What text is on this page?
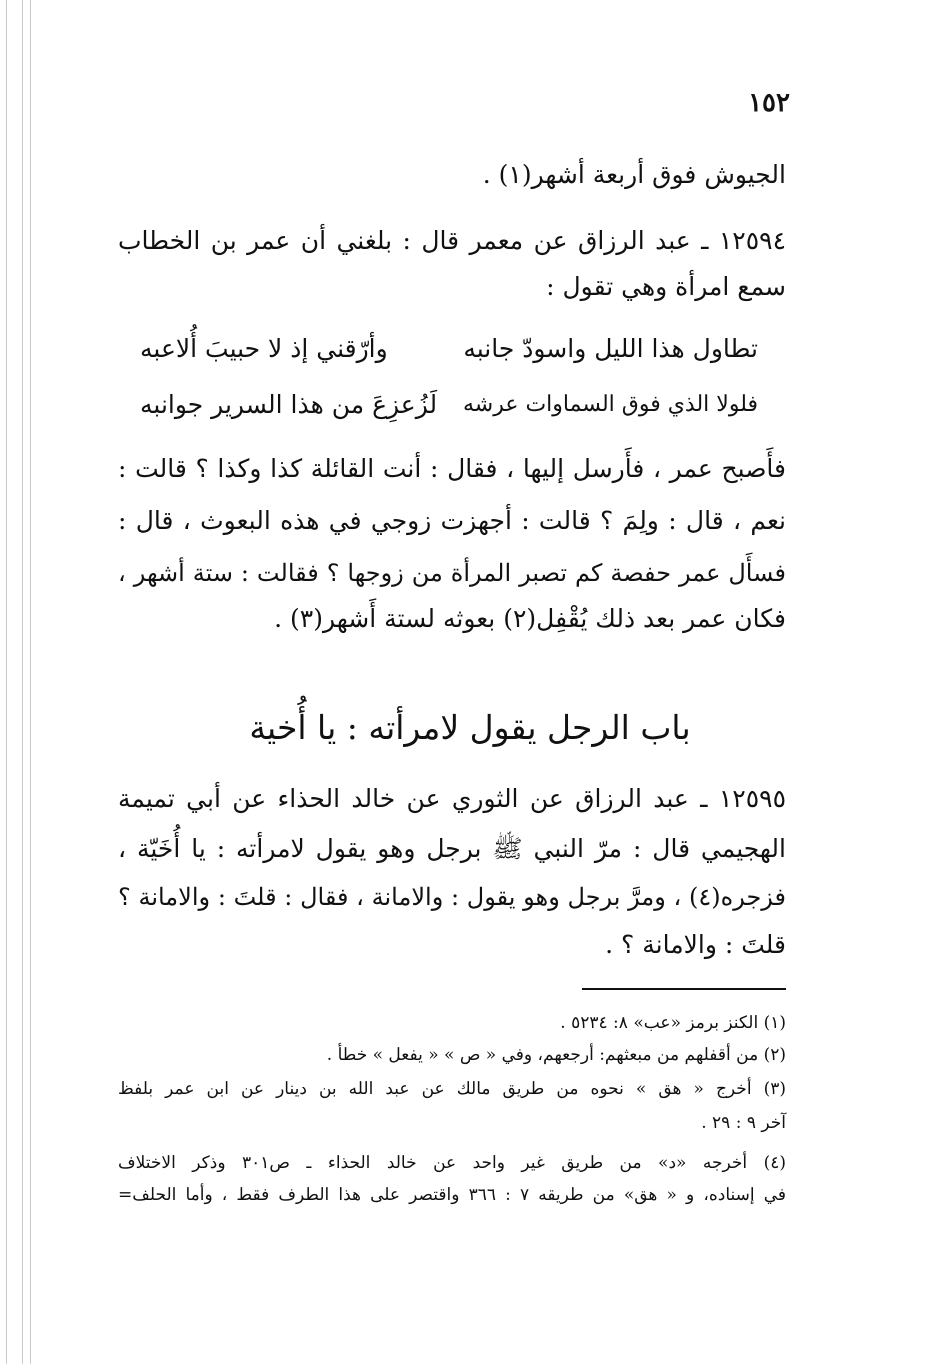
١٥٢
الجيوش فوق أربعة أشهر(١) .
١٢٥٩٤ ـ عبد الرزاق عن معمر قال : بلغني أن عمر بن الخطاب
سمع امرأة وهي تقول :
تطاول هذا الليل واسودّ جانبه
وأرّقني إذ لا حبيبَ أُلاعبه
فلولا الذي فوق السماوات عرشه
لَزُعزِعَ من هذا السرير جوانبه
فأَصبح عمر ، فأَرسل إليها ، فقال : أنت القائلة كذا وكذا ؟ قالت :
نعم ، قال : ولِمَ ؟ قالت : أجهزت زوجي في هذه البعوث ، قال :
فسأَل عمر حفصة كم تصبر المرأة من زوجها ؟ فقالت : ستة أشهر ،
فكان عمر بعد ذلك يُقْفِل(٢) بعوثه لستة أَشهر(٣) .
باب الرجل يقول لامرأته : يا أُخية
١٢٥٩٥ ـ عبد الرزاق عن الثوري عن خالد الحذاء عن أبي تميمة
الهجيمي قال : مرّ النبي ﷺ برجل وهو يقول لامرأته : يا أُخَيّة ،
فزجره(٤) ، ومرَّ برجل وهو يقول : والامانة ، فقال : قلتَ : والامانة ؟
قلتَ : والامانة ؟ .
(١) الكنز برمز «عب» ٨: ٥٢٣٤ .
(٢) من أقفلهم من مبعثهم: أرجعهم، وفي « ص » « يفعل » خطأ .
(٣) أخرج « هق » نحوه من طريق مالك عن عبد الله بن دينار عن ابن عمر بلفظ
آخر ٩ : ٢٩ .
(٤) أخرجه «د» من طريق غير واحد عن خالد الحذاء ـ ص٣٠١ وذكر الاختلاف
في إسناده، و « هق» من طريقه ٧ : ٣٦٦ واقتصر على هذا الطرف فقط ، وأما الحلف=
